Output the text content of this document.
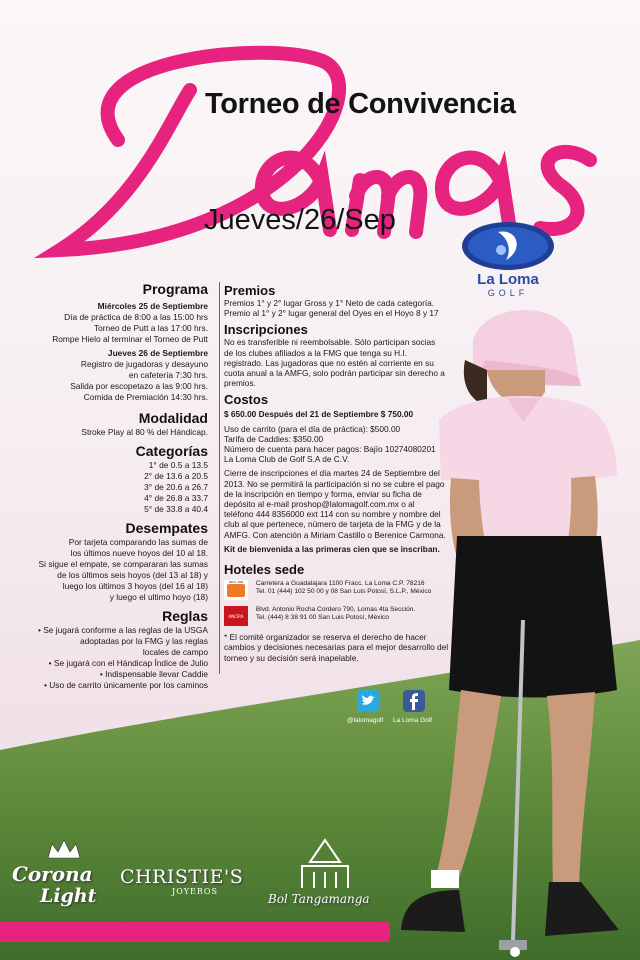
Torneo de Convivencia
Jueves/26/Sep
La Loma
GOLF
Programa
Miércoles 25 de Septiembre
Día de práctica de 8:00 a las 15:00 hrs
Torneo de Putt a las 17:00 hrs.
Rompe Hielo al terminar el Torneo de Putt
Jueves 26 de Septiembre
Registro de jugadoras y desayuno
en cafetería 7:30 hrs.
Salida por escopetazo a las 9:00 hrs.
Comida de Premiación 14:30 hrs.
Modalidad
Stroke Play al 80 % del Hándicap.
Categorías
1° de 0.5 a 13.5
2° de 13.6 a 20.5
3° de 20.6 a 26.7
4° de 26.8 a 33.7
5° de 33.8 a 40.4
Desempates
Por tarjeta comparando las sumas de
los últimos nueve hoyos del 10 al 18.
Si sigue el empate, se compararan las sumas
de los últimos seis hoyos (del 13 al 18) y
luego los últimos 3 hoyos (del 16 al 18)
y luego el ultimo hoyo (18)
Reglas
• Se jugará conforme a las reglas de la USGA
adoptadas por la FMG y las reglas
locales de campo
• Se jugará con el Hándicap Índice de Julio
• Indispensable llevar Caddie
• Uso de carrito únicamente por los caminos
Premios

Premios 1° y 2° lugar Gross y 1° Neto de cada categoría.
Premio al 1° y 2° lugar general del Oyes en el Hoyo 8 y 17

Inscripciones

No es transferible ni reembolsable. Sólo participan socias de los clubes afiliados a la FMG que tenga su H.I. registrado. Las jugadoras que no estén al corriente en su cuota anual a la AMFG, solo podrán participar sin derecho a premios.

Costos
$ 650.00 Después del 21 de Septiembre $ 750.00

Uso de carrito (para el día de práctica): $500.00
Tarifa de Caddies: $350.00
Número de cuenta para hacer pagos: Bajío 10274080201 La Loma Club de Golf S.A de C.V.

Cierre de inscripciones el día martes 24 de Septiembre del 2013. No se permitirá la participación si no se cubre el pago de la inscripción en tiempo y forma, enviar su ficha de depósito al e-mail proshop@lalomagolf.com.mx o al teléfono 444 8356000 ext 114 con su nombre y nombre del club al que pertenece, número de tarjeta de la FMG y de la AMFG. Con atención a Miriam Castillo o Berenice Carmona.

Kit de bienvenida a las primeras cien que se inscriban.
Hoteles sede
REAL INN Carretera a Guadalajara 1100 Fracc. La Loma C.P. 78216
Tel. 01 (444) 102 50 00 y 08 San Luis Potosí, S.L.P., México
ANCIRA
Blvd. Antonio Rocha Cordero 790, Lomas 4ta Sección.
Tel. (444) 8 38 91 00 San Luis Potosí, México
* El comité organizador se reserva el derecho de hacer cambios y decisiones necesarias para el mejor desarrollo del torneo y su decisión será inapelable.
@lalomagolf La Loma Golf
Corona
Light
CHRISTIE'S
JOYEROS
Bol Tangamanga
